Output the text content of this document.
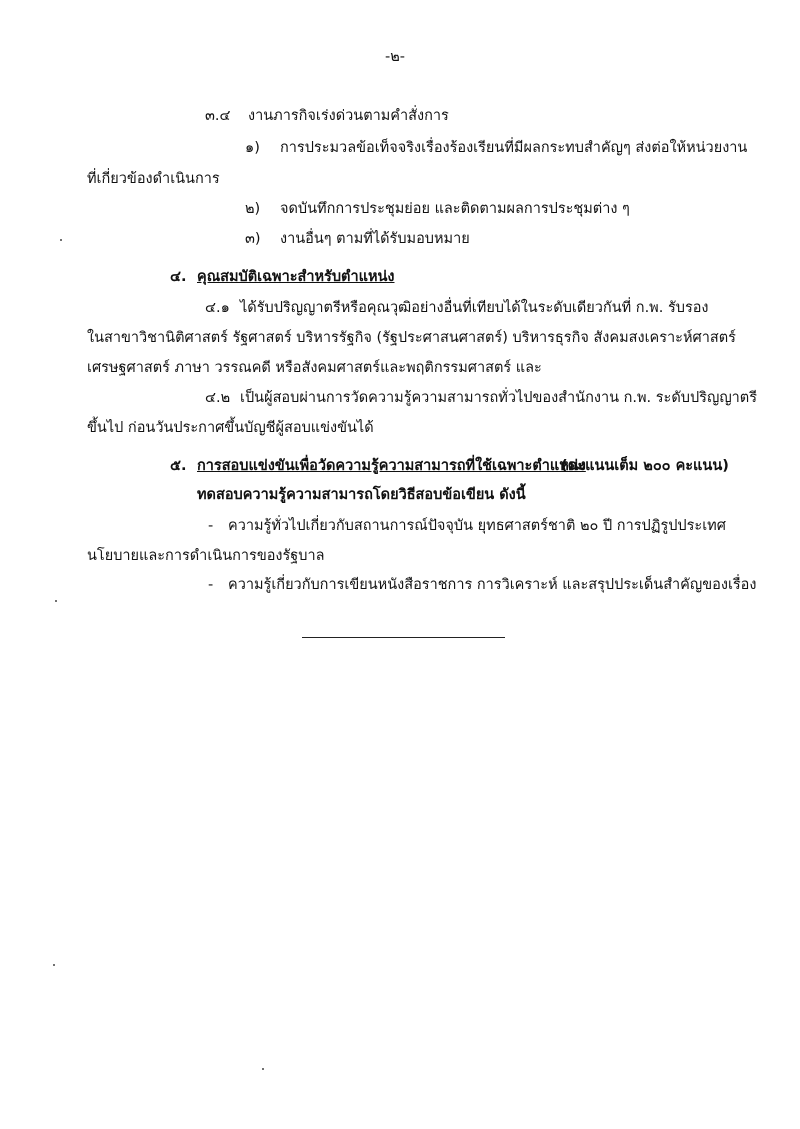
-๒-
๓.๔ งานภารกิจเร่งด่วนตามคำสั่งการ
๑) การประมวลข้อเท็จจริงเรื่องร้องเรียนที่มีผลกระทบสำคัญๆ ส่งต่อให้หน่วยงาน
ที่เกี่ยวข้องดำเนินการ
๒) จดบันทึกการประชุมย่อย และติดตามผลการประชุมต่าง ๆ
๓) งานอื่นๆ ตามที่ได้รับมอบหมาย
๔. คุณสมบัติเฉพาะสำหรับตำแหน่ง
๔.๑ ได้รับปริญญาตรีหรือคุณวุฒิอย่างอื่นที่เทียบได้ในระดับเดียวกันที่ ก.พ. รับรอง
ในสาขาวิชานิติศาสตร์ รัฐศาสตร์ บริหารรัฐกิจ (รัฐประศาสนศาสตร์) บริหารธุรกิจ สังคมสงเคราะห์ศาสตร์
เศรษฐศาสตร์ ภาษา วรรณคดี หรือสังคมศาสตร์และพฤติกรรมศาสตร์ และ
๔.๒ เป็นผู้สอบผ่านการวัดความรู้ความสามารถทั่วไปของสำนักงาน ก.พ. ระดับปริญญาตรี
ขึ้นไป ก่อนวันประกาศขึ้นบัญชีผู้สอบแข่งขันได้
๕. การสอบแข่งขันเพื่อวัดความรู้ความสามารถที่ใช้เฉพาะตำแหน่ง
(คะแนนเต็ม ๒๐๐ คะแนน)
ทดสอบความรู้ความสามารถโดยวิธีสอบข้อเขียน ดังนี้
- ความรู้ทั่วไปเกี่ยวกับสถานการณ์ปัจจุบัน ยุทธศาสตร์ชาติ ๒๐ ปี การปฏิรูปประเทศ
นโยบายและการดำเนินการของรัฐบาล
- ความรู้เกี่ยวกับการเขียนหนังสือราชการ การวิเคราะห์ และสรุปประเด็นสำคัญของเรื่อง
